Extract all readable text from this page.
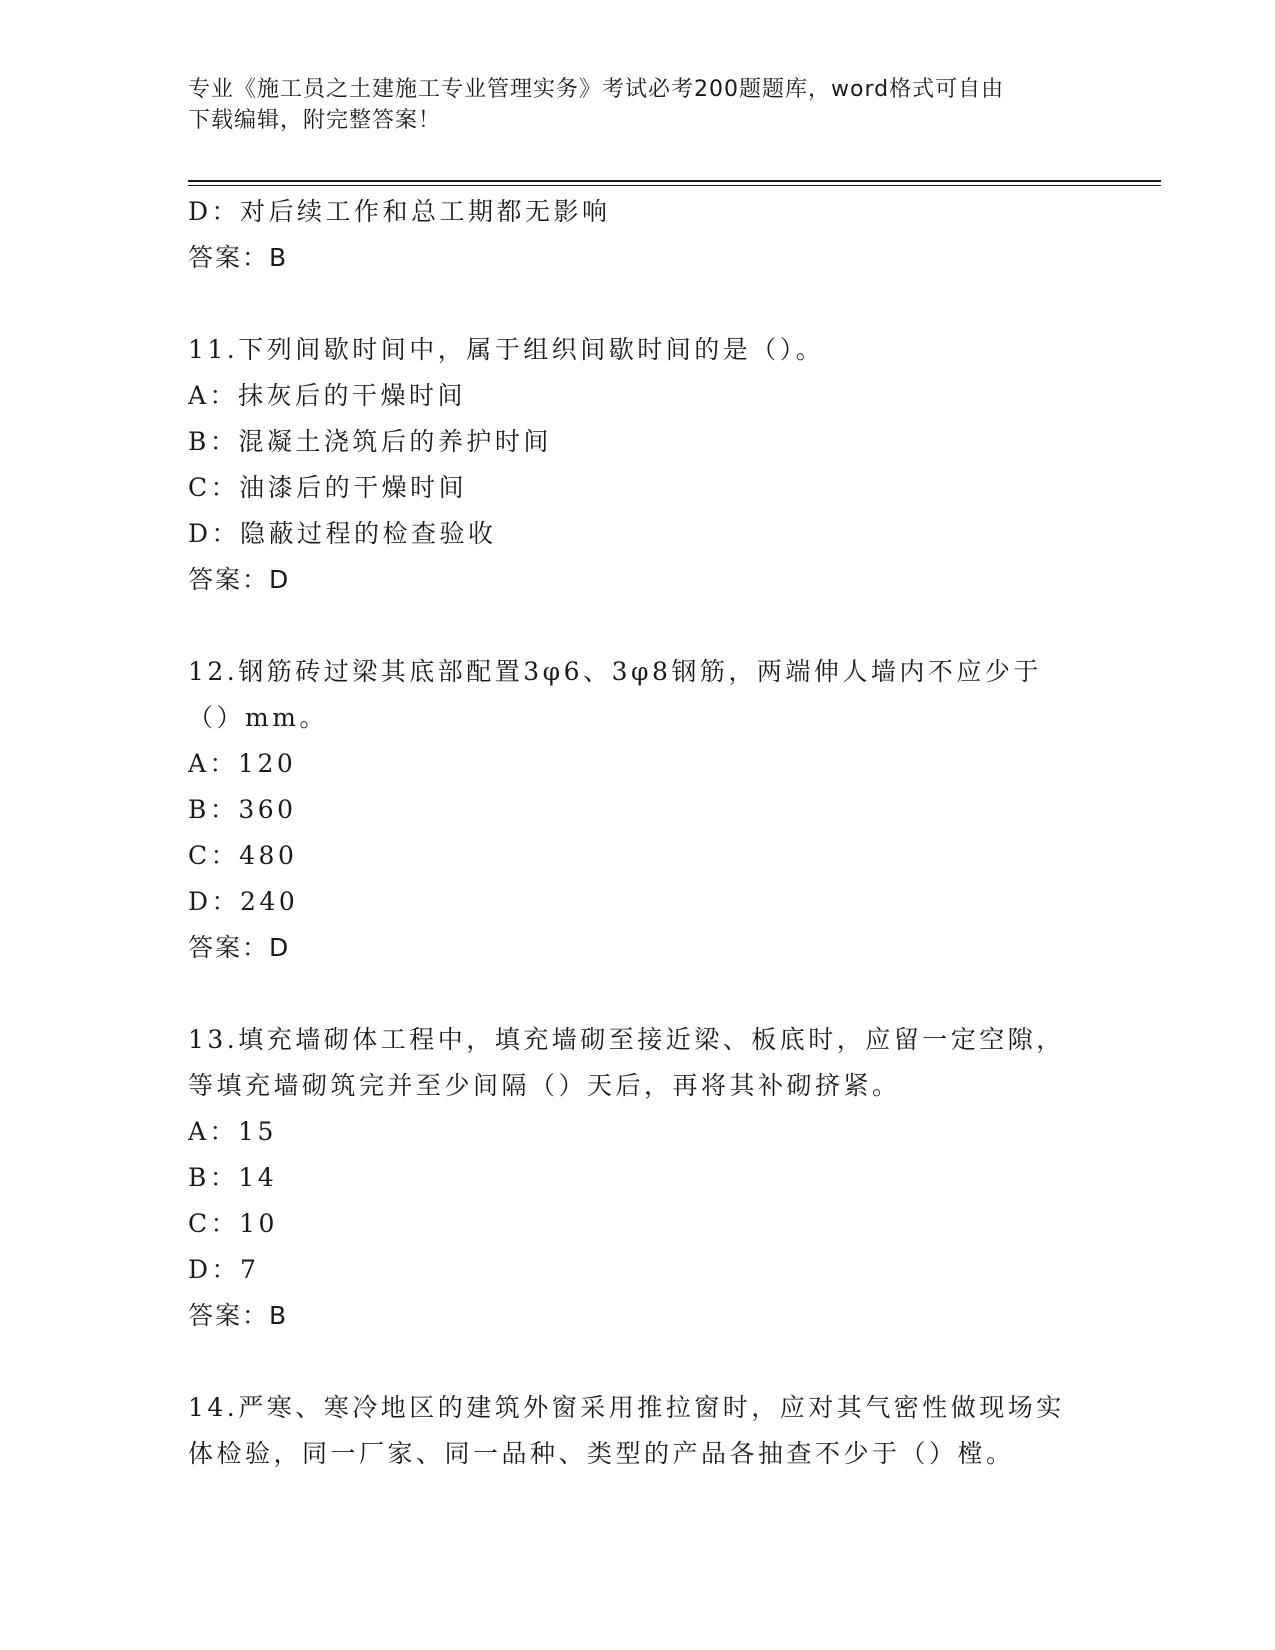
专业《施工员之土建施工专业管理实务》考试必考200题题库，word格式可自由
下载编辑，附完整答案！
D：对后续工作和总工期都无影响
答案：B
11.下列间歇时间中，属于组织间歇时间的是（）。
A：抹灰后的干燥时间
B：混凝土浇筑后的养护时间
C：油漆后的干燥时间
D：隐蔽过程的检查验收
答案：D
12.钢筋砖过梁其底部配置3φ6、3φ8钢筋，两端伸人墙内不应少于
（）mm。
A：120
B：360
C：480
D：240
答案：D
13.填充墙砌体工程中，填充墙砌至接近梁、板底时，应留一定空隙，
等填充墙砌筑完并至少间隔（）天后，再将其补砌挤紧。
A：15
B：14
C：10
D：7
答案：B
14.严寒、寒冷地区的建筑外窗采用推拉窗时，应对其气密性做现场实
体检验，同一厂家、同一品种、类型的产品各抽查不少于（）樘。
